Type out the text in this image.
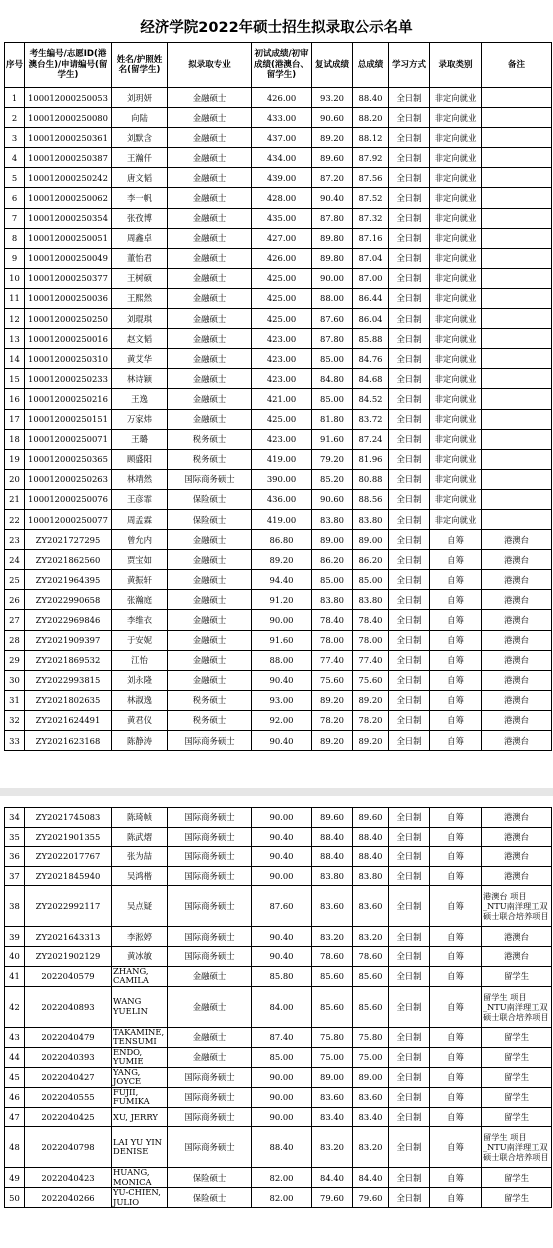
经济学院2022年硕士招生拟录取公示名单
序号	考生编号/志愿ID(港澳台生)/申请编号(留学生)	姓名/护照姓名(留学生)	拟录取专业	初试成绩/初审成绩(港澳台、留学生)	复试成绩	总成绩	学习方式	录取类别	备注
1	100012000250053	刘玥妍	金融硕士	426.00	93.20	88.40	全日制	非定向就业	
2	100012000250080	向陆	金融硕士	433.00	90.60	88.20	全日制	非定向就业	
3	100012000250361	刘默含	金融硕士	437.00	89.20	88.12	全日制	非定向就业	
4	100012000250387	王瀚仟	金融硕士	434.00	89.60	87.92	全日制	非定向就业	
5	100012000250242	唐文韬	金融硕士	439.00	87.20	87.56	全日制	非定向就业	
6	100012000250062	李一帆	金融硕士	428.00	90.40	87.52	全日制	非定向就业	
7	100012000250354	张孜博	金融硕士	435.00	87.80	87.32	全日制	非定向就业	
8	100012000250051	周鑫卓	金融硕士	427.00	89.80	87.16	全日制	非定向就业	
9	100012000250049	董怡君	金融硕士	426.00	89.80	87.04	全日制	非定向就业	
10	100012000250377	王树硕	金融硕士	425.00	90.00	87.00	全日制	非定向就业	
11	100012000250036	王熙然	金融硕士	425.00	88.00	86.44	全日制	非定向就业	
12	100012000250250	刘琨琪	金融硕士	425.00	87.60	86.04	全日制	非定向就业	
13	100012000250016	赵文韬	金融硕士	423.00	87.80	85.88	全日制	非定向就业	
14	100012000250310	黄艾华	金融硕士	423.00	85.00	84.76	全日制	非定向就业	
15	100012000250233	林诗颖	金融硕士	423.00	84.80	84.68	全日制	非定向就业	
16	100012000250216	王逸	金融硕士	421.00	85.00	84.52	全日制	非定向就业	
17	100012000250151	万家炜	金融硕士	425.00	81.80	83.72	全日制	非定向就业	
18	100012000250071	王璐	税务硕士	423.00	91.60	87.24	全日制	非定向就业	
19	100012000250365	顾盛阳	税务硕士	419.00	79.20	81.96	全日制	非定向就业	
20	100012000250263	林靖然	国际商务硕士	390.00	85.20	80.88	全日制	非定向就业	
21	100012000250076	王彦霏	保险硕士	436.00	90.60	88.56	全日制	非定向就业	
22	100012000250077	周孟霖	保险硕士	419.00	83.80	83.80	全日制	非定向就业	
23	ZY2021727295	曾允内	金融硕士	86.80	89.00	89.00	全日制	自筹	港澳台
24	ZY2021862560	贾宝如	金融硕士	89.20	86.20	86.20	全日制	自筹	港澳台
25	ZY2021964395	黄振轩	金融硕士	94.40	85.00	85.00	全日制	自筹	港澳台
26	ZY2022990658	张瀚庭	金融硕士	91.20	83.80	83.80	全日制	自筹	港澳台
27	ZY2022969846	李维衣	金融硕士	90.00	78.40	78.40	全日制	自筹	港澳台
28	ZY2021909397	于安妮	金融硕士	91.60	78.00	78.00	全日制	自筹	港澳台
29	ZY2021869532	江怡	金融硕士	88.00	77.40	77.40	全日制	自筹	港澳台
30	ZY2022993815	刘永隆	金融硕士	90.40	75.60	75.60	全日制	自筹	港澳台
31	ZY2021802635	林淑逸	税务硕士	93.00	89.20	89.20	全日制	自筹	港澳台
32	ZY2021624491	黄君仪	税务硕士	92.00	78.20	78.20	全日制	自筹	港澳台
33	ZY2021623168	陈静涛	国际商务硕士	90.40	89.20	89.20	全日制	自筹	港澳台
34	ZY2021745083	陈琦帧	国际商务硕士	90.00	89.60	89.60	全日制	自筹	港澳台
35	ZY2021901355	陈武熠	国际商务硕士	90.40	88.40	88.40	全日制	自筹	港澳台
36	ZY2022017767	张为喆	国际商务硕士	90.40	88.40	88.40	全日制	自筹	港澳台
37	ZY2021845940	吴鸿楷	国际商务硕士	90.00	83.80	83.80	全日制	自筹	港澳台
38	ZY2022992117	吴点疑	国际商务硕士	87.60	83.60	83.60	全日制	自筹	港澳台 项目_NTU南洋理工双硕士联合培养项目
39	ZY2021643313	李淞婷	国际商务硕士	90.40	83.20	83.20	全日制	自筹	港澳台
40	ZY2021902129	黄冰敏	国际商务硕士	90.40	78.60	78.60	全日制	自筹	港澳台
41	2022040579	ZHANG, CAMILA	金融硕士	85.80	85.60	85.60	全日制	自筹	留学生
42	2022040893	WANG YUELIN	金融硕士	84.00	85.60	85.60	全日制	自筹	留学生 项目_NTU南洋理工双硕士联合培养项目
43	2022040479	TAKAMINE, TENSUMI	金融硕士	87.40	75.80	75.80	全日制	自筹	留学生
44	2022040393	ENDO, YUMIE	金融硕士	85.00	75.00	75.00	全日制	自筹	留学生
45	2022040427	YANG, JOYCE	国际商务硕士	90.00	89.00	89.00	全日制	自筹	留学生
46	2022040555	FUJII, FUMIKA	国际商务硕士	90.00	83.60	83.60	全日制	自筹	留学生
47	2022040425	XU, JERRY	国际商务硕士	90.00	83.40	83.40	全日制	自筹	留学生
48	2022040798	LAI YU YIN DENISE	国际商务硕士	88.40	83.20	83.20	全日制	自筹	留学生 项目_NTU南洋理工双硕士联合培养项目
49	2022040423	HUANG, MONICA	保险硕士	82.00	84.40	84.40	全日制	自筹	留学生
50	2022040266	YU-CHIEN, JULIO	保险硕士	82.00	79.60	79.60	全日制	自筹	留学生
